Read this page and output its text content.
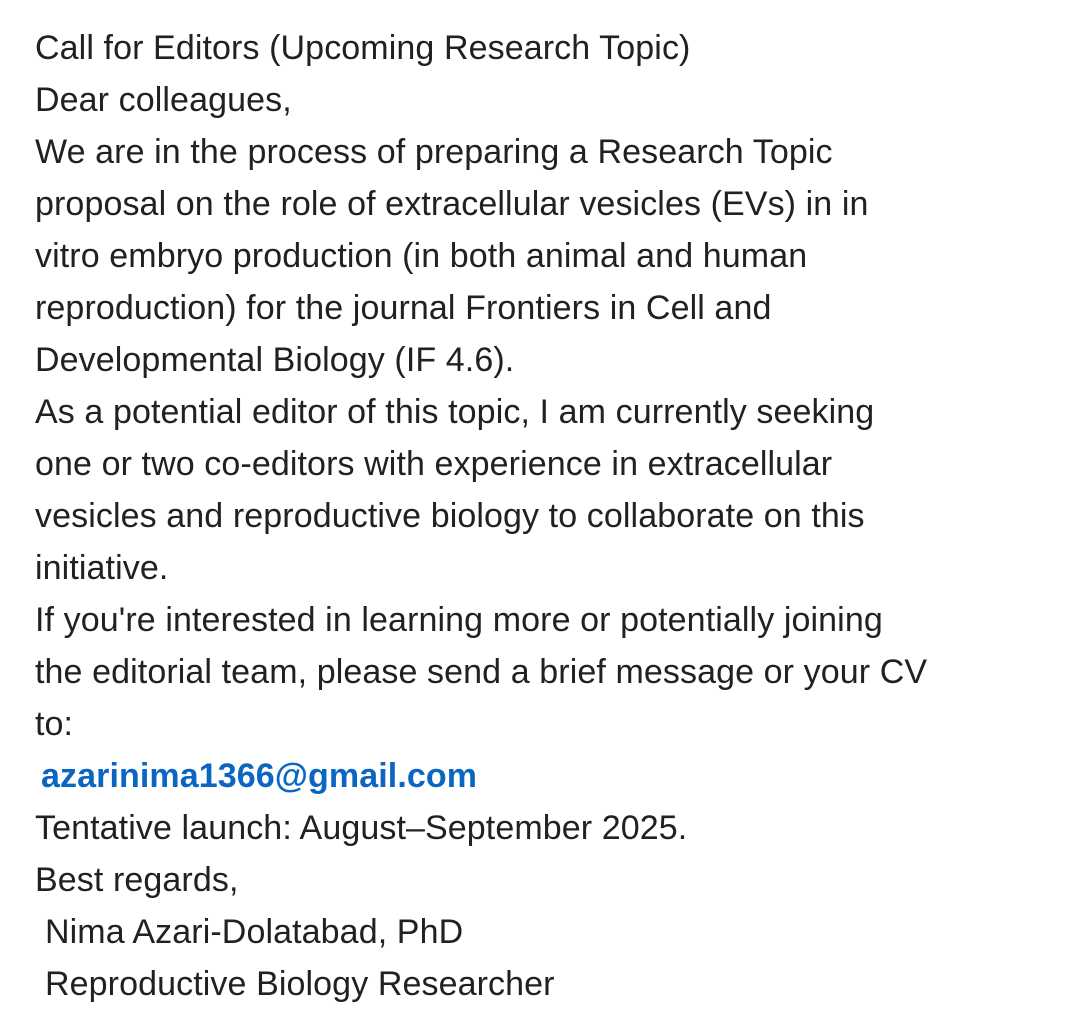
Call for Editors (Upcoming Research Topic)
Dear colleagues,
We are in the process of preparing a Research Topic
proposal on the role of extracellular vesicles (EVs) in in
vitro embryo production (in both animal and human
reproduction) for the journal Frontiers in Cell and
Developmental Biology (IF 4.6).
As a potential editor of this topic, I am currently seeking
one or two co-editors with experience in extracellular
vesicles and reproductive biology to collaborate on this
initiative.
If you're interested in learning more or potentially joining
the editorial team, please send a brief message or your CV
to:
azarinima1366@gmail.com
Tentative launch: August–September 2025.
Best regards,
Nima Azari-Dolatabad, PhD
Reproductive Biology Researcher
